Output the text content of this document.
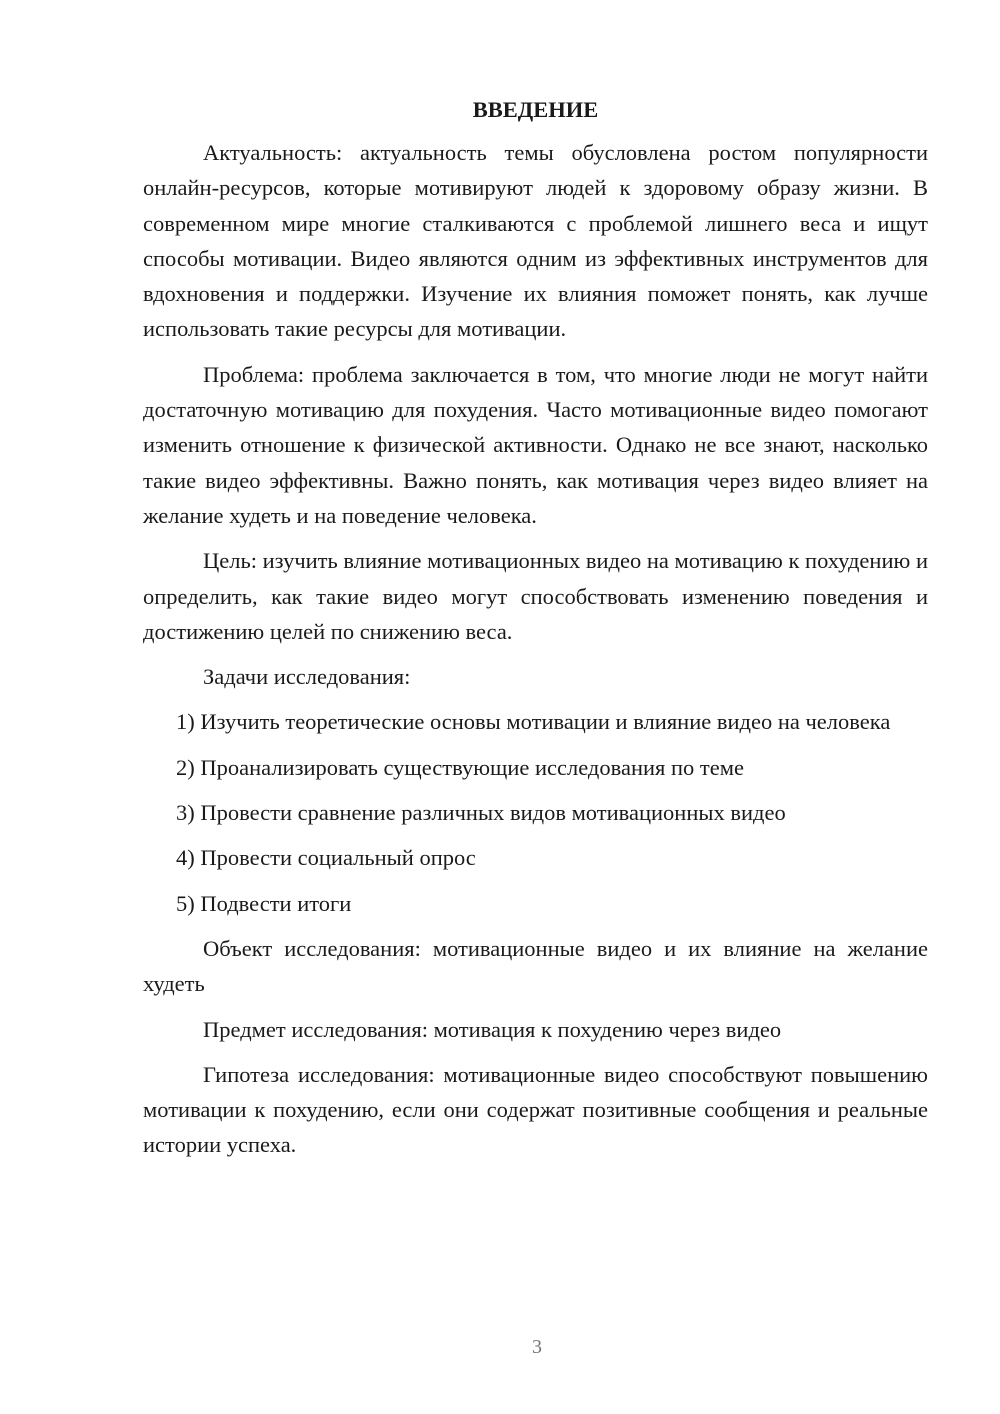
ВВЕДЕНИЕ

Актуальность: актуальность темы обусловлена ростом популярности онлайн-ресурсов, которые мотивируют людей к здоровому образу жизни. В современном мире многие сталкиваются с проблемой лишнего веса и ищут способы мотивации. Видео являются одним из эффективных инструментов для вдохновения и поддержки. Изучение их влияния поможет понять, как лучше использовать такие ресурсы для мотивации.

Проблема: проблема заключается в том, что многие люди не могут найти достаточную мотивацию для похудения. Часто мотивационные видео помогают изменить отношение к физической активности. Однако не все знают, насколько такие видео эффективны. Важно понять, как мотивация через видео влияет на желание худеть и на поведение человека.

Цель: изучить влияние мотивационных видео на мотивацию к похудению и определить, как такие видео могут способствовать изменению поведения и достижению целей по снижению веса.

Задачи исследования:

1) Изучить теоретические основы мотивации и влияние видео на человека

2) Проанализировать существующие исследования по теме

3) Провести сравнение различных видов мотивационных видео

4) Провести социальный опрос

5) Подвести итоги

Объект исследования: мотивационные видео и их влияние на желание худеть

Предмет исследования: мотивация к похудению через видео

Гипотеза исследования: мотивационные видео способствуют повышению мотивации к похудению, если они содержат позитивные сообщения и реальные истории успеха.

3
